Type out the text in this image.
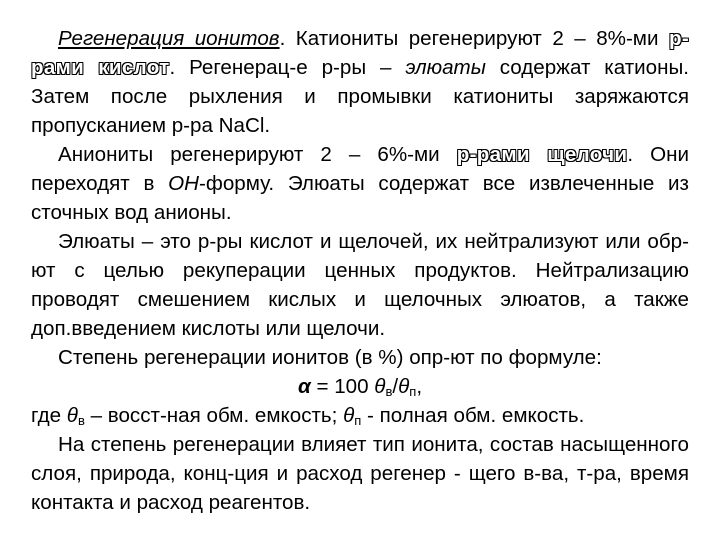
Регенерация ионитов. Катиониты регенерируют 2 – 8%-ми р-рами кислот. Регенерац-е р-ры – элюаты содержат катионы. Затем после рыхления и промывки катиониты заряжаются пропусканием р-ра NaCl.

Аниониты регенерируют 2 – 6%-ми р-рами щелочи. Они переходят в ОН-форму. Элюаты содержат все извлеченные из сточных вод анионы.

Элюаты – это р-ры кислот и щелочей, их нейтрализуют или обр-ют с целью рекуперации ценных продуктов. Нейтрализацию проводят смешением кислых и щелочных элюатов, а также доп.введением кислоты или щелочи.

Степень регенерации ионитов (в %) опр-ют по формуле:

α = 100 $\theta_в/\theta_п$,

где $\theta_в$ – восст-ная обм. емкость; $\theta_п$ - полная обм. емкость.

На степень регенерации влияет тип ионита, состав насыщенного слоя, природа, конц-ция и расход регенер - щего в-ва, т-ра, время контакта и расход реагентов.
